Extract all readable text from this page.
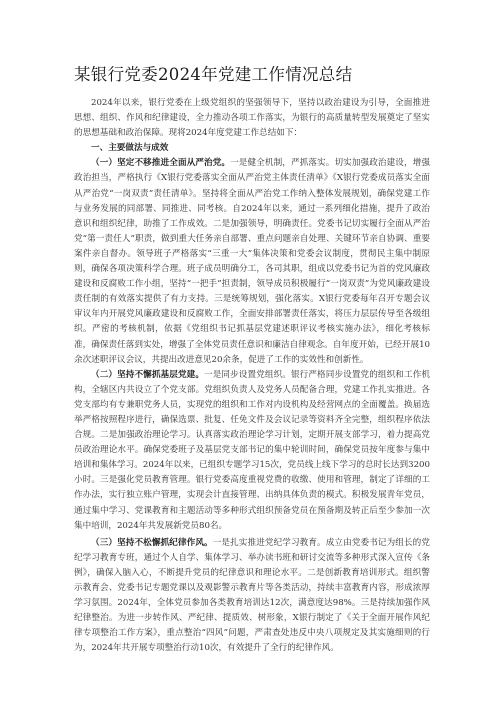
某银行党委2024年党建工作情况总结

2024年以来，银行党委在上级党组织的坚强领导下，坚持以政治建设为引导，全面推进思想、组织、作风和纪律建设，全力推动各项工作落实，为银行的高质量转型发展奠定了坚实的思想基础和政治保障。现将2024年度党建工作总结如下：

一、主要做法与成效

（一）坚定不移推进全面从严治党。一是健全机制，严抓落实。切实加强政治建设，增强政治担当，严格执行《X银行党委落实全面从严治党主体责任清单》《X银行党委成员落实全面从严治党“一岗双责”责任清单》。坚持将全面从严治党工作纳入整体发展规划，确保党建工作与业务发展的同部署、同推进、同考核。自2024年以来，通过一系列细化措施，提升了政治意识和组织纪律，助推了工作成效。二是加强领导，明确责任。党委书记切实履行全面从严治党“第一责任人”职责，做到重大任务亲自部署、重点问题亲自处理、关键环节亲自协调、重要案件亲自督办。领导班子严格落实“三重一大”集体决策和党委会议制度，贯彻民主集中制原则，确保各项决策科学合理。班子成员明确分工，各司其职，组成以党委书记为首的党风廉政建设和反腐败工作小组，坚持“一把手”担责制，领导成员积极履行“一岗双责”为党风廉政建设责任制的有效落实提供了有力支持。三是统筹规划，强化落实。X银行党委每年召开专题会议审议年内开展党风廉政建设和反腐败工作，全面安排部署责任落实，将压力层层传导至各级组织。严密的考核机制，依据《党组织书记抓基层党建述职评议考核实施办法》，细化考核标准，确保责任落到实处，增强了全体党员责任意识和廉洁自律观念。自年度开始，已经开展10余次述职评议会议，共提出改进意见20余条，促进了工作的实效性和创新性。

（二）坚持不懈抓基层党建。一是同步设置党组织。银行严格同步设置党的组织和工作机构，全辖区内共设立了个党支部。党组织负责人及党务人员配备合理，党建工作扎实推进。各党支部均有专兼职党务人员，实现党的组织和工作对内设机构及经营网点的全面覆盖。换届选举严格按照程序进行，确保选票、批复、任免文件及会议记录等资料齐全完整，组织程序依法合规。二是加强政治理论学习。认真落实政治理论学习计划，定期开展支部学习，着力提高党员政治理论水平。确保党委班子及基层党支部书记的集中轮训时间，确保党员按年度参与集中培训和集体学习。2024年以来，已组织专题学习15次，党员线上线下学习的总时长达到3200小时。三是强化党员教育管理。银行党委高度重视党费的收缴、使用和管理，制定了详细的工作办法，实行独立账户管理，实现会计直接管理、出纳具体负责的模式。积极发展青年党员，通过集中学习、党课教育和主题活动等多种形式组织预备党员在预备期及转正后至少参加一次集中培训，2024年共发展新党员80名。

（三）坚持不松懈抓纪律作风。一是扎实推进党纪学习教育。成立由党委书记为组长的党纪学习教育专班，通过个人自学、集体学习、举办读书班和研讨交流等多种形式深入宣传《条例》，确保入脑入心，不断提升党员的纪律意识和理论水平。二是创新教育培训形式。组织警示教育会、党委书记专题党课以及观影警示教育片等各类活动，持续丰富教育内容，形成浓厚学习氛围。2024年，全体党员参加各类教育培训达12次，满意度达98%。三是持续加强作风纪律整治。为进一步转作风、严纪律、提质效、树形象，X银行制定了《关于全面开展作风纪律专项整治工作方案》，重点整治“四风”问题，严肃查处违反中央八项规定及其实施细则的行为，2024年共开展专项整治行动10次，有效提升了全行的纪律作风。
